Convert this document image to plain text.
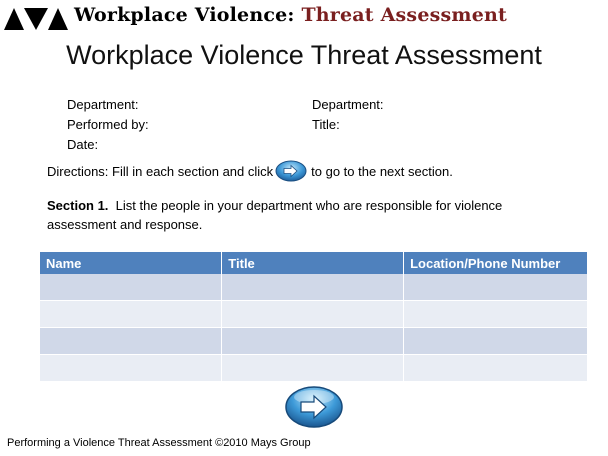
Workplace Violence: Threat Assessment
Workplace Violence Threat Assessment
Department:
Performed by:
Date:
Department:
Title:
Directions: Fill in each section and click	to go to the next section.
Section 1. List the people in your department who are responsible for violence assessment and response.
Name	Title	Location/Phone Number

Performing a Violence Threat Assessment ©2010 Mays Group
